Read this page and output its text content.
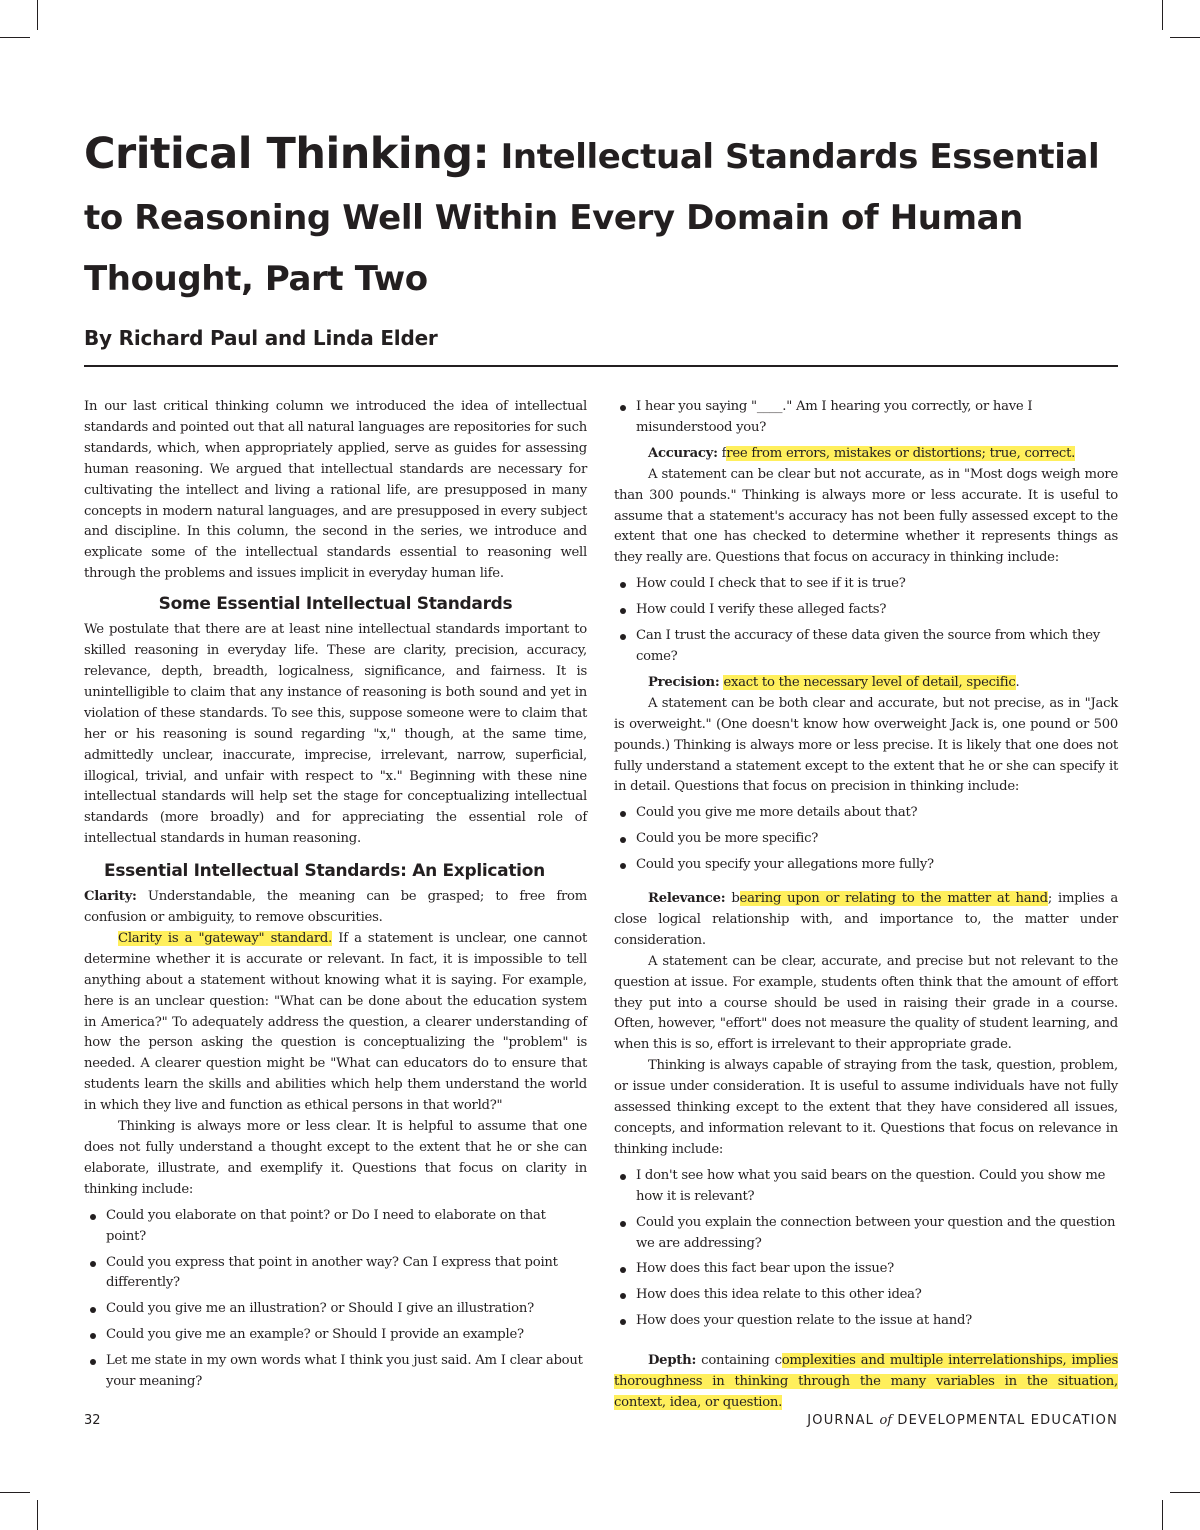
Critical Thinking: Intellectual Standards Essential to Reasoning Well Within Every Domain of Human Thought, Part Two
By Richard Paul and Linda Elder

In our last critical thinking column we introduced the idea of intellectual standards and pointed out that all natural languages are repositories for such standards, which, when appropriately applied, serve as guides for assessing human reasoning. We argued that intellectual standards are necessary for cultivating the intellect and living a rational life, are presupposed in many concepts in modern natural languages, and are presupposed in every subject and discipline. In this column, the second in the series, we introduce and explicate some of the intellectual standards essential to reasoning well through the problems and issues implicit in everyday human life.

Some Essential Intellectual Standards

We postulate that there are at least nine intellectual standards important to skilled reasoning in everyday life. These are clarity, precision, accuracy, relevance, depth, breadth, logicalness, significance, and fairness. It is unintelligible to claim that any instance of reasoning is both sound and yet in violation of these standards. To see this, suppose someone were to claim that her or his reasoning is sound regarding "x," though, at the same time, admittedly unclear, inaccurate, imprecise, irrelevant, narrow, superficial, illogical, trivial, and unfair with respect to "x." Beginning with these nine intellectual standards will help set the stage for conceptualizing intellectual standards (more broadly) and for appreciating the essential role of intellectual standards in human reasoning.

Essential Intellectual Standards: An Explication

Clarity: Understandable, the meaning can be grasped; to free from confusion or ambiguity, to remove obscurities.

Clarity is a "gateway" standard. If a statement is unclear, one cannot determine whether it is accurate or relevant. In fact, it is impossible to tell anything about a statement without knowing what it is saying. For example, here is an unclear question: "What can be done about the education system in America?" To adequately address the question, a clearer understanding of how the person asking the question is conceptualizing the "problem" is needed. A clearer question might be "What can educators do to ensure that students learn the skills and abilities which help them understand the world in which they live and function as ethical persons in that world?"

Thinking is always more or less clear. It is helpful to assume that one does not fully understand a thought except to the extent that he or she can elaborate, illustrate, and exemplify it. Questions that focus on clarity in thinking include:

Could you elaborate on that point? or Do I need to elaborate on that point?
Could you express that point in another way? Can I express that point differently?
Could you give me an illustration? or Should I give an illustration?
Could you give me an example? or Should I provide an example?
Let me state in my own words what I think you just said. Am I clear about your meaning?
I hear you saying "____." Am I hearing you correctly, or have I misunderstood you?

Accuracy: free from errors, mistakes or distortions; true, correct.

A statement can be clear but not accurate, as in "Most dogs weigh more than 300 pounds." Thinking is always more or less accurate. It is useful to assume that a statement's accuracy has not been fully assessed except to the extent that one has checked to determine whether it represents things as they really are. Questions that focus on accuracy in thinking include:

How could I check that to see if it is true?
How could I verify these alleged facts?
Can I trust the accuracy of these data given the source from which they come?

Precision: exact to the necessary level of detail, specific.

A statement can be both clear and accurate, but not precise, as in "Jack is overweight." (One doesn't know how overweight Jack is, one pound or 500 pounds.) Thinking is always more or less precise. It is likely that one does not fully understand a statement except to the extent that he or she can specify it in detail. Questions that focus on precision in thinking include:

Could you give me more details about that?
Could you be more specific?
Could you specify your allegations more fully?

Relevance: bearing upon or relating to the matter at hand; implies a close logical relationship with, and importance to, the matter under consideration.

A statement can be clear, accurate, and precise but not relevant to the question at issue. For example, students often think that the amount of effort they put into a course should be used in raising their grade in a course. Often, however, "effort" does not measure the quality of student learning, and when this is so, effort is irrelevant to their appropriate grade.

Thinking is always capable of straying from the task, question, problem, or issue under consideration. It is useful to assume individuals have not fully assessed thinking except to the extent that they have considered all issues, concepts, and information relevant to it. Questions that focus on relevance in thinking include:

I don't see how what you said bears on the question. Could you show me how it is relevant?
Could you explain the connection between your question and the question we are addressing?
How does this fact bear upon the issue?
How does this idea relate to this other idea?
How does your question relate to the issue at hand?

Depth: containing complexities and multiple interrelationships, implies thoroughness in thinking through the many variables in the situation, context, idea, or question.

32	JOURNAL of DEVELOPMENTAL EDUCATION
